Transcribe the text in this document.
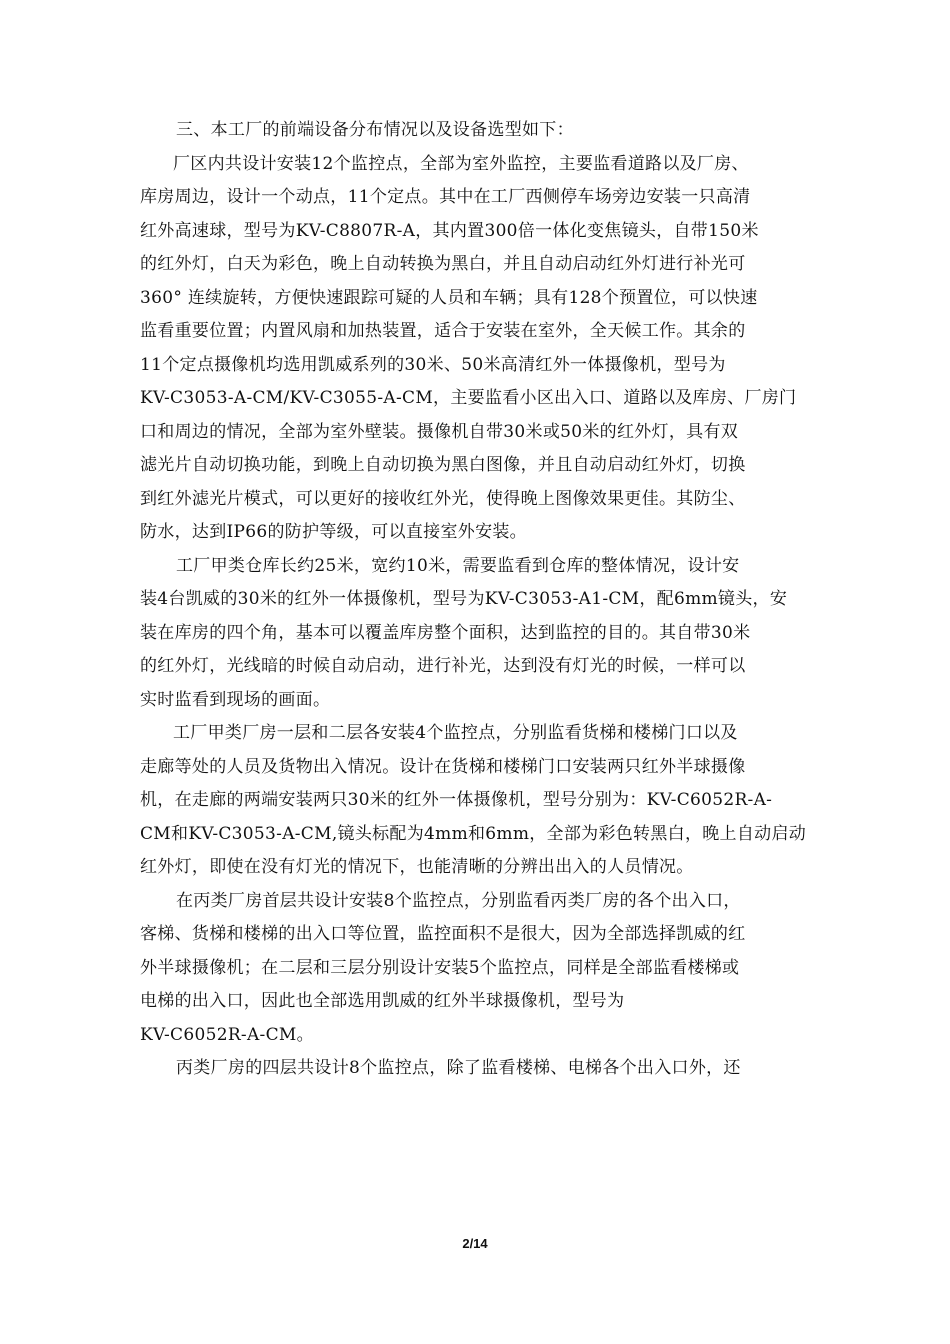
三、本工厂的前端设备分布情况以及设备选型如下：
厂区内共设计安装12个监控点，全部为室外监控，主要监看道路以及厂房、
库房周边，设计一个动点，11个定点。其中在工厂西侧停车场旁边安装一只高清
红外高速球，型号为KV-C8807R-A，其内置300倍一体化变焦镜头，自带150米
的红外灯，白天为彩色，晚上自动转换为黑白，并且自动启动红外灯进行补光可
360° 连续旋转，方便快速跟踪可疑的人员和车辆；具有128个预置位，可以快速
监看重要位置；内置风扇和加热装置，适合于安装在室外，全天候工作。其余的
11个定点摄像机均选用凯威系列的30米、50米高清红外一体摄像机，型号为
KV-C3053-A-CM/KV-C3055-A-CM，主要监看小区出入口、道路以及库房、厂房门
口和周边的情况，全部为室外壁装。摄像机自带30米或50米的红外灯，具有双
滤光片自动切换功能，到晚上自动切换为黑白图像，并且自动启动红外灯，切换
到红外滤光片模式，可以更好的接收红外光，使得晚上图像效果更佳。其防尘、
防水，达到IP66的防护等级，可以直接室外安装。
工厂甲类仓库长约25米，宽约10米，需要监看到仓库的整体情况，设计安
装4台凯威的30米的红外一体摄像机，型号为KV-C3053-A1-CM，配6mm镜头，安
装在库房的四个角，基本可以覆盖库房整个面积，达到监控的目的。其自带30米
的红外灯，光线暗的时候自动启动，进行补光，达到没有灯光的时候，一样可以
实时监看到现场的画面。
工厂甲类厂房一层和二层各安装4个监控点，分别监看货梯和楼梯门口以及
走廊等处的人员及货物出入情况。设计在货梯和楼梯门口安装两只红外半球摄像
机，在走廊的两端安装两只30米的红外一体摄像机，型号分别为：KV-C6052R-A-
CM和KV-C3053-A-CM,镜头标配为4mm和6mm，全部为彩色转黑白，晚上自动启动
红外灯，即使在没有灯光的情况下，也能清晰的分辨出出入的人员情况。
在丙类厂房首层共设计安装8个监控点，分别监看丙类厂房的各个出入口，
客梯、货梯和楼梯的出入口等位置，监控面积不是很大，因为全部选择凯威的红
外半球摄像机；在二层和三层分别设计安装5个监控点，同样是全部监看楼梯或
电梯的出入口，因此也全部选用凯威的红外半球摄像机，型号为
KV-C6052R-A-CM。
丙类厂房的四层共设计8个监控点，除了监看楼梯、电梯各个出入口外，还
2/14
